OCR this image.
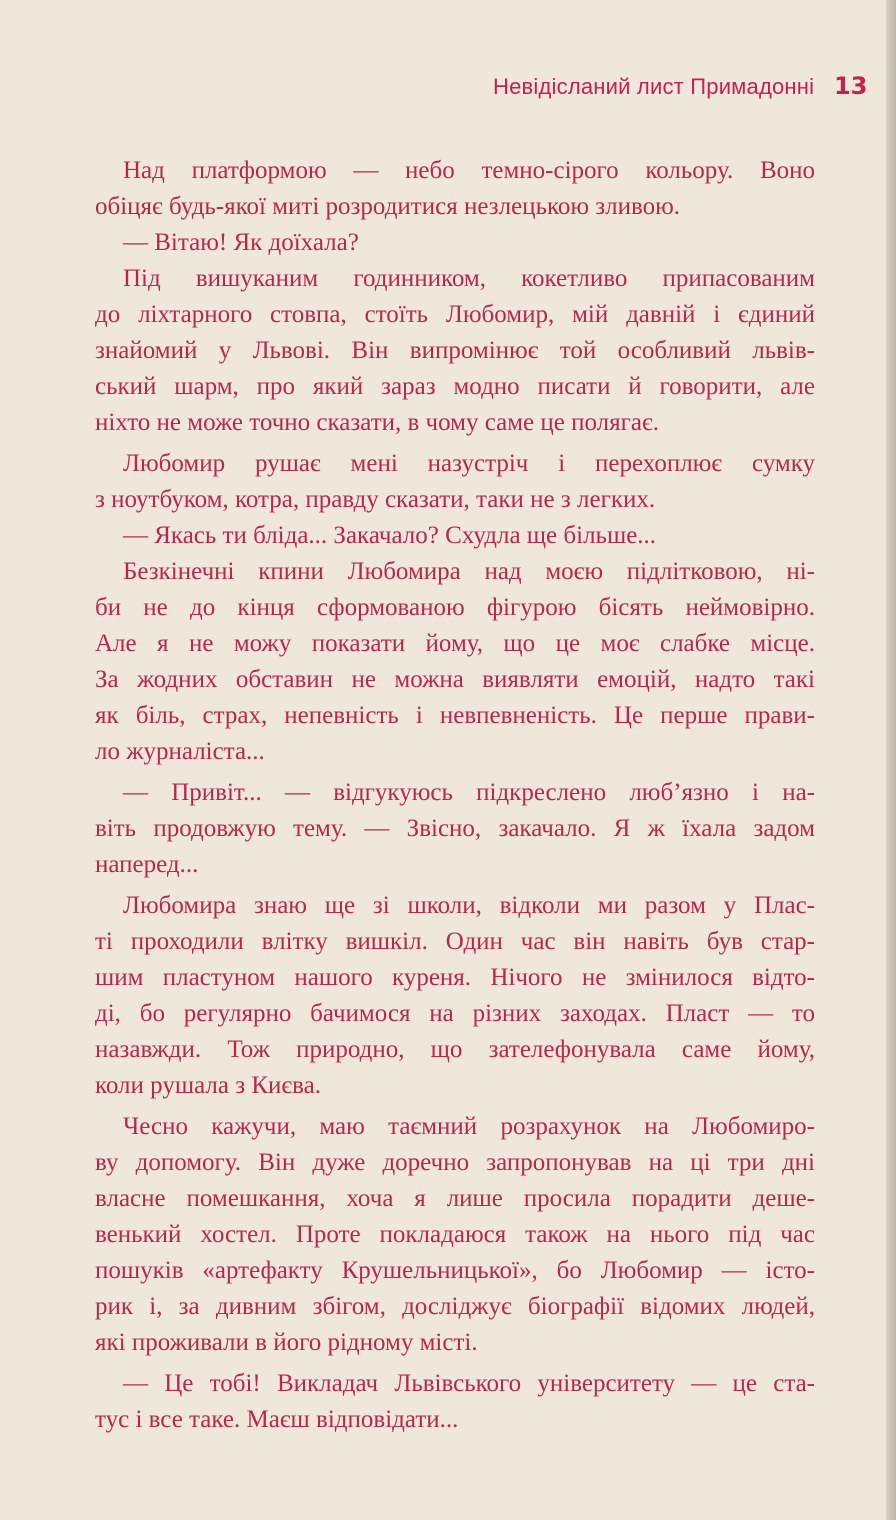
Невідісланий лист Примадонні 13
Над платформою — небо темно-сірого кольору. Воно
обіцяє будь-якої миті розродитися незлецькою зливою.
— Вітаю! Як доїхала?
Під вишуканим годинником, кокетливо припасованим
до ліхтарного стовпа, стоїть Любомир, мій давній і єдиний
знайомий у Львові. Він випромінює той особливий львів-
ський шарм, про який зараз модно писати й говорити, але
ніхто не може точно сказати, в чому саме це полягає.
Любомир рушає мені назустріч і перехоплює сумку
з ноутбуком, котра, правду сказати, таки не з легких.
— Якась ти бліда... Закачало? Схудла ще більше...
Безкінечні кпини Любомира над моєю підлітковою, ні-
би не до кінця сформованою фігурою бісять неймовірно.
Але я не можу показати йому, що це моє слабке місце.
За жодних обставин не можна виявляти емоцій, надто такі
як біль, страх, непевність і невпевненість. Це перше прави-
ло журналіста...
— Привіт... — відгукуюсь підкреслено люб’язно і на-
віть продовжую тему. — Звісно, закачало. Я ж їхала задом
наперед...
Любомира знаю ще зі школи, відколи ми разом у Плас-
ті проходили влітку вишкіл. Один час він навіть був стар-
шим пластуном нашого куреня. Нічого не змінилося відто-
ді, бо регулярно бачимося на різних заходах. Пласт — то
назавжди. Тож природно, що зателефонувала саме йому,
коли рушала з Києва.
Чесно кажучи, маю таємний розрахунок на Любомиро-
ву допомогу. Він дуже доречно запропонував на ці три дні
власне помешкання, хоча я лише просила порадити деше-
венький хостел. Проте покладаюся також на нього під час
пошуків «артефакту Крушельницької», бо Любомир — істо-
рик і, за дивним збігом, досліджує біографії відомих людей,
які проживали в його рідному місті.
— Це тобі! Викладач Львівського університету — це ста-
тус і все таке. Маєш відповідати...
